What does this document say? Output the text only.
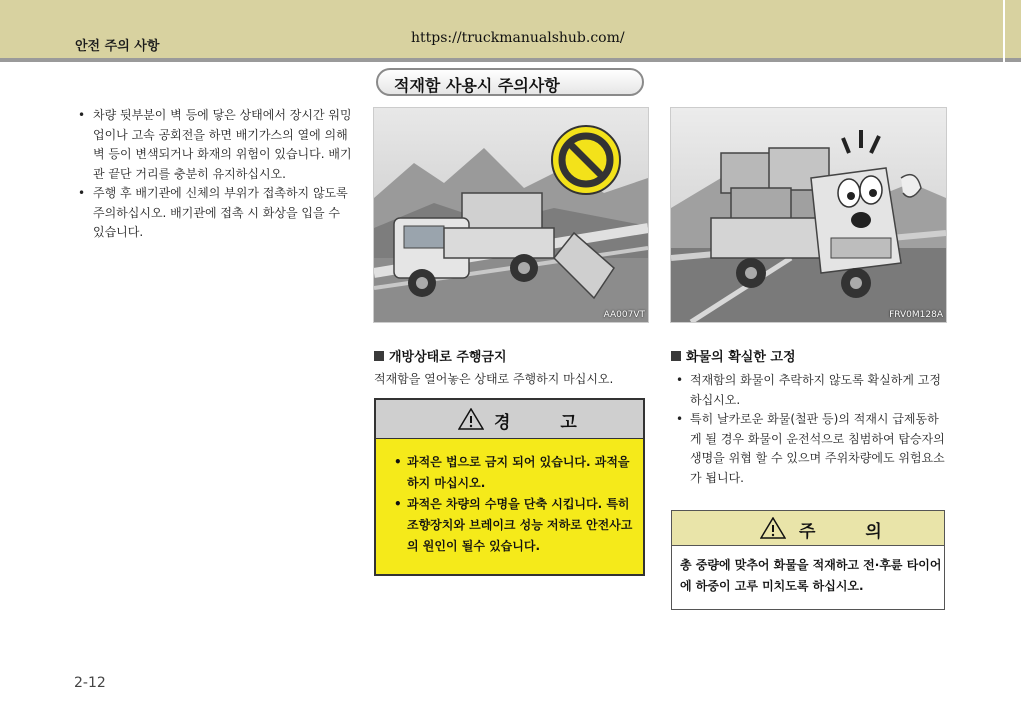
안전 주의 사항
https://truckmanualshub.com/
적재함 사용시 주의사항
• 차량 뒷부분이 벽 등에 닿은 상태에서 장시간 워밍업이나 고속 공회전을 하면 배기가스의 열에 의해 벽 등이 변색되거나 화재의 위험이 있습니다. 배기관 끝단 거리를 충분히 유지하십시오.
• 주행 후 배기관에 신체의 부위가 접촉하지 않도록 주의하십시오. 배기관에 접촉 시 화상을 입을 수 있습니다.
AA007VT	FRV0M128A
개방상태로 주행금지
적재함을 열어놓은 상태로 주행하지 마십시오.
경 고
• 과적은 법으로 금지 되어 있습니다. 과적을 하지 마십시오.
• 과적은 차량의 수명을 단축 시킵니다. 특히 조향장치와 브레이크 성능 저하로 안전사고의 원인이 될수 있습니다.
화물의 확실한 고정
• 적재함의 화물이 추락하지 않도록 확실하게 고정하십시오.
• 특히 날카로운 화물(철판 등)의 적재시 급제동하게 될 경우 화물이 운전석으로 침범하여 탑승자의 생명을 위협 할 수 있으며 주위차량에도 위험요소가 됩니다.
주 의
총 중량에 맞추어 화물을 적재하고 전·후륜 타이어에 하중이 고루 미치도록 하십시오.
2-12
